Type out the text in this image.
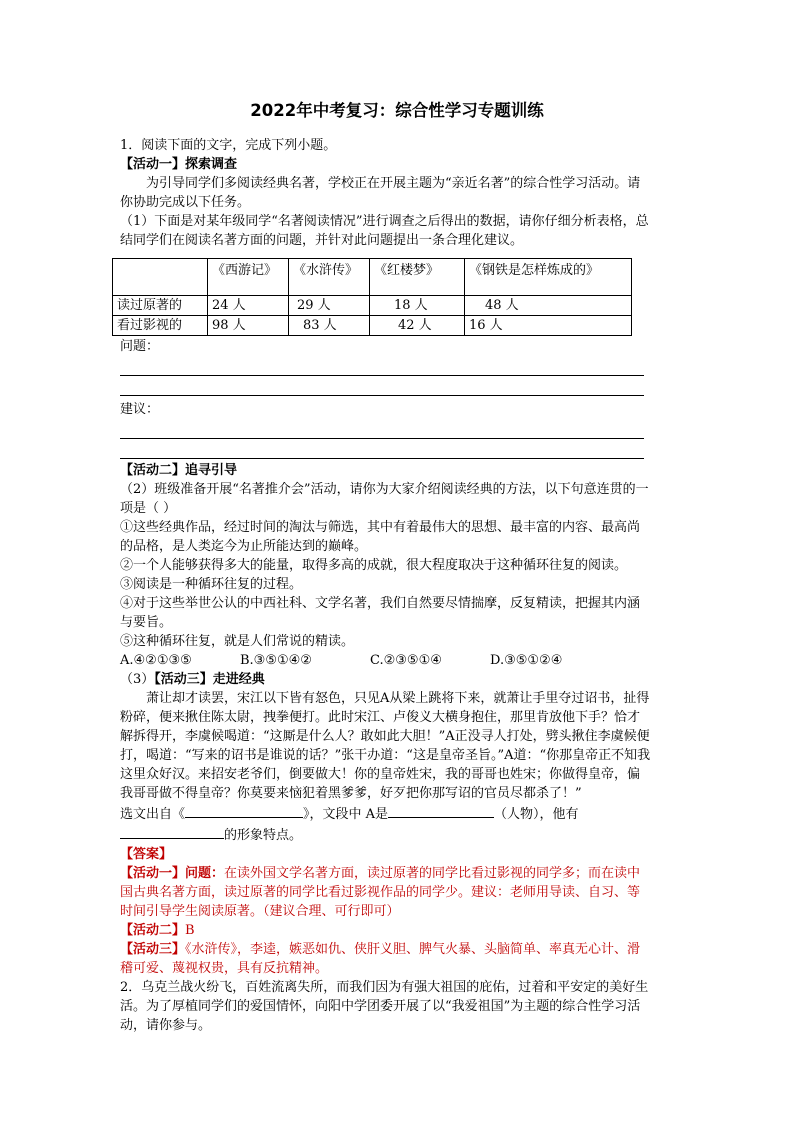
2022年中考复习：综合性学习专题训练

1．阅读下面的文字，完成下列小题。

【活动一】探索调查

为引导同学们多阅读经典名著，学校正在开展主题为“亲近名著”的综合性学习活动。请你协助完成以下任务。

（1）下面是对某年级同学“名著阅读情况”进行调查之后得出的数据，请你仔细分析表格，总结同学们在阅读名著方面的问题，并针对此问题提出一条合理化建议。

	《西游记》	《水浒传》	《红楼梦》	《钢铁是怎样炼成的》
读过原著的	24 人	29 人	18 人	48 人
看过影视的	98 人	83 人	42 人	16 人

问题：

建议：

【活动二】追寻引导

（2）班级准备开展“名著推介会”活动，请你为大家介绍阅读经典的方法，以下句意连贯的一项是（ ）

①这些经典作品，经过时间的淘汰与筛选，其中有着最伟大的思想、最丰富的内容、最高尚的品格，是人类迄今为止所能达到的巅峰。

②一个人能够获得多大的能量，取得多高的成就，很大程度取决于这种循环往复的阅读。

③阅读是一种循环往复的过程。

④对于这些举世公认的中西社科、文学名著，我们自然要尽情揣摩，反复精读，把握其内涵与要旨。

⑤这种循环往复，就是人们常说的精读。

A.④②①③⑤	B.③⑤①④②	C.②③⑤①④	D.③⑤①②④

（3）【活动三】走进经典

萧让却才读罢，宋江以下皆有怒色，只见A从梁上跳将下来，就萧让手里夺过诏书，扯得粉碎，便来揪住陈太尉，拽拳便打。此时宋江、卢俊义大横身抱住，那里肯放他下手？恰才解拆得开，李虞候喝道：“这厮是什么人？敢如此大胆！”A正没寻人打处，劈头揪住李虞候便打，喝道：“写来的诏书是谁说的话？”张干办道：“这是皇帝圣旨。”A道：“你那皇帝正不知我这里众好汉。来招安老爷们，倒要做大！你的皇帝姓宋，我的哥哥也姓宋；你做得皇帝，偏我哥哥做不得皇帝？你莫要来恼犯着黑爹爹，好歹把你那写诏的官员尽都杀了！”

选文出自《	》，文段中 A是	（人物），他有

的形象特点。

【答案】

【活动一】问题：在读外国文学名著方面，读过原著的同学比看过影视的同学多；而在读中国古典名著方面，读过原著的同学比看过影视作品的同学少。建议：老师用导读、自习、等时间引导学生阅读原著。（建议合理、可行即可）

【活动二】B

【活动三】《水浒传》，李逵，嫉恶如仇、侠肝义胆、脾气火暴、头脑简单、率真无心计、滑稽可爱、蔑视权贵，具有反抗精神。

2．乌克兰战火纷飞，百姓流离失所，而我们因为有强大祖国的庇佑，过着和平安定的美好生活。为了厚植同学们的爱国情怀，向阳中学团委开展了以“我爱祖国”为主题的综合性学习活动，请你参与。
